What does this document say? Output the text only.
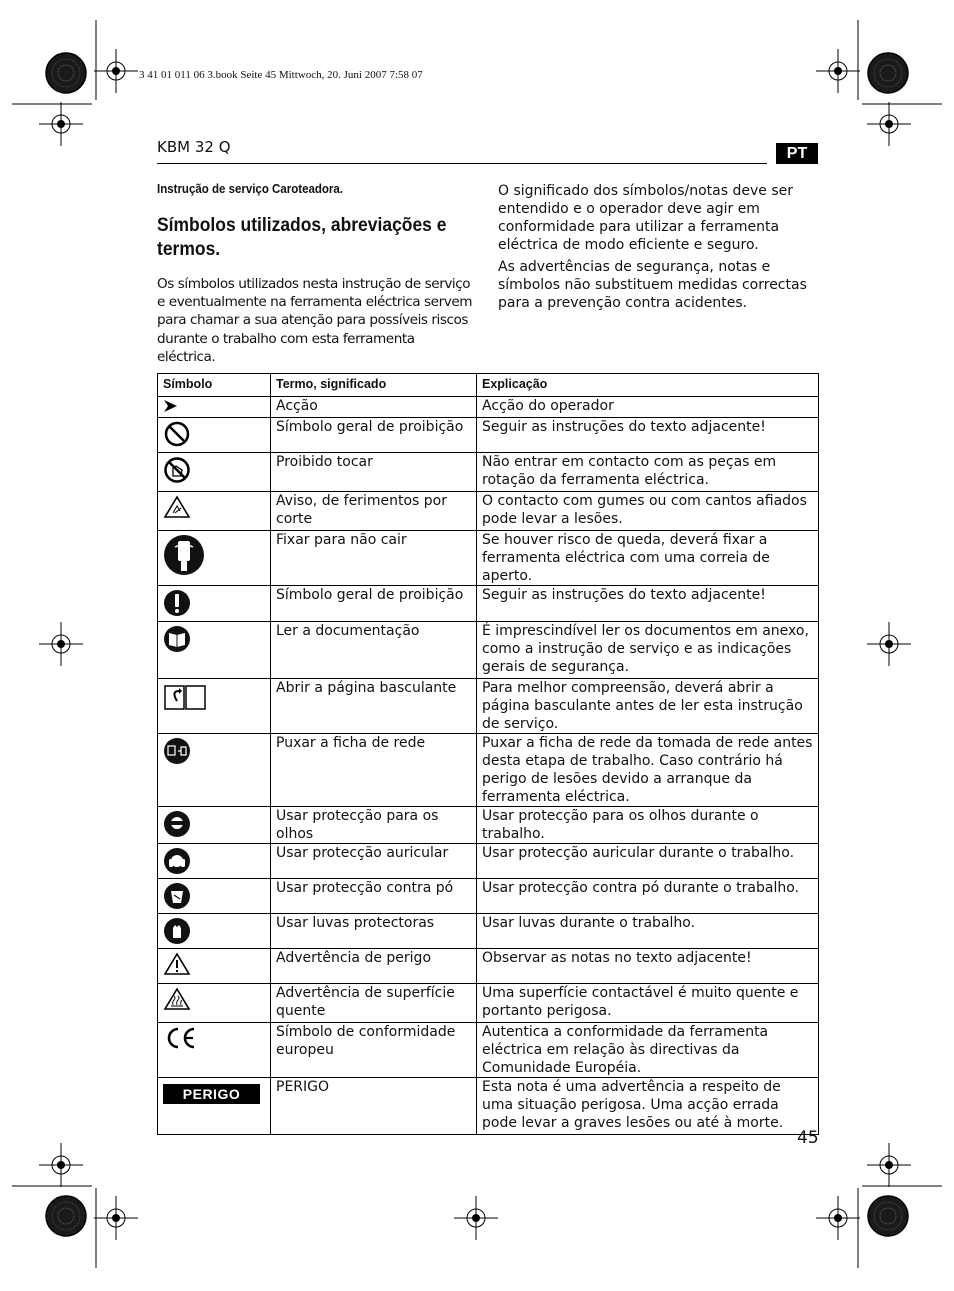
3 41 01 011 06 3.book Seite 45 Mittwoch, 20. Juni 2007 7:58 07
KBM 32 Q	PT
Instrução de serviço Caroteadora.
Símbolos utilizados, abreviações e termos.
Os símbolos utilizados nesta instrução de serviço e eventualmente na ferramenta eléctrica servem para chamar a sua atenção para possíveis riscos durante o trabalho com esta ferramenta eléctrica.

O significado dos símbolos/notas deve ser entendido e o operador deve agir em conformidade para utilizar a ferramenta eléctrica de modo eficiente e seguro.

As advertências de segurança, notas e símbolos não substituem medidas correctas para a prevenção contra acidentes.

Símbolo	Termo, significado	Explicação

	Acção	Acção do operador

	Símbolo geral de proibição	Seguir as instruções do texto adjacente!

	Proibido tocar	Não entrar em contacto com as peças em rotação da ferramenta eléctrica.

	Aviso, de ferimentos por corte	O contacto com gumes ou com cantos afiados pode levar a lesões.

	Fixar para não cair	Se houver risco de queda, deverá fixar a ferramenta eléctrica com uma correia de aperto.

	Símbolo geral de proibição	Seguir as instruções do texto adjacente!

	Ler a documentação	É imprescindível ler os documentos em anexo, como a instrução de serviço e as indicações gerais de segurança.

	Abrir a página basculante	Para melhor compreensão, deverá abrir a página basculante antes de ler esta instrução de serviço.

	Puxar a ficha de rede	Puxar a ficha de rede da tomada de rede antes desta etapa de trabalho. Caso contrário há perigo de lesões devido a arranque da ferramenta eléctrica.

	Usar protecção para os olhos	Usar protecção para os olhos durante o trabalho.

	Usar protecção auricular	Usar protecção auricular durante o trabalho.

	Usar protecção contra pó	Usar protecção contra pó durante o trabalho.

	Usar luvas protectoras	Usar luvas durante o trabalho.

	Advertência de perigo	Observar as notas no texto adjacente!

	Advertência de superfície quente	Uma superfície contactável é muito quente e portanto perigosa.

	Símbolo de conformidade europeu	Autentica a conformidade da ferramenta eléctrica em relação às directivas da Comunidade Européia.

PERIGO	PERIGO	Esta nota é uma advertência a respeito de uma situação perigosa. Uma acção errada pode levar a graves lesões ou até à morte.
45
